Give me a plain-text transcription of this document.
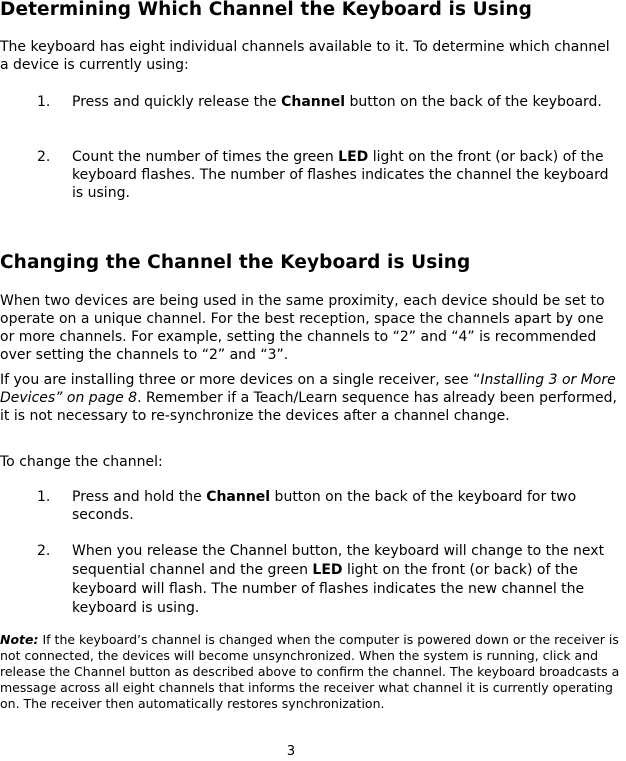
Determining Which Channel the Keyboard is Using

The keyboard has eight individual channels available to it. To determine which channel a device is currently using:

1. Press and quickly release the Channel button on the back of the keyboard.
2. Count the number of times the green LED light on the front (or back) of the keyboard flashes. The number of flashes indicates the channel the keyboard is using.
Changing the Channel the Keyboard is Using

When two devices are being used in the same proximity, each device should be set to operate on a unique channel. For the best reception, space the channels apart by one or more channels. For example, setting the channels to “2” and “4” is recommended over setting the channels to “2” and “3”.

If you are installing three or more devices on a single receiver, see “Installing 3 or More Devices” on page 8. Remember if a Teach/Learn sequence has already been performed, it is not necessary to re-synchronize the devices after a channel change.

To change the channel:

1. Press and hold the Channel button on the back of the keyboard for two seconds.
2. When you release the Channel button, the keyboard will change to the next sequential channel and the green LED light on the front (or back) of the keyboard will flash. The number of flashes indicates the new channel the keyboard is using.

Note: If the keyboard’s channel is changed when the computer is powered down or the receiver is not connected, the devices will become unsynchronized. When the system is running, click and release the Channel button as described above to confirm the channel. The keyboard broadcasts a message across all eight channels that informs the receiver what channel it is currently operating on. The receiver then automatically restores synchronization.

3
